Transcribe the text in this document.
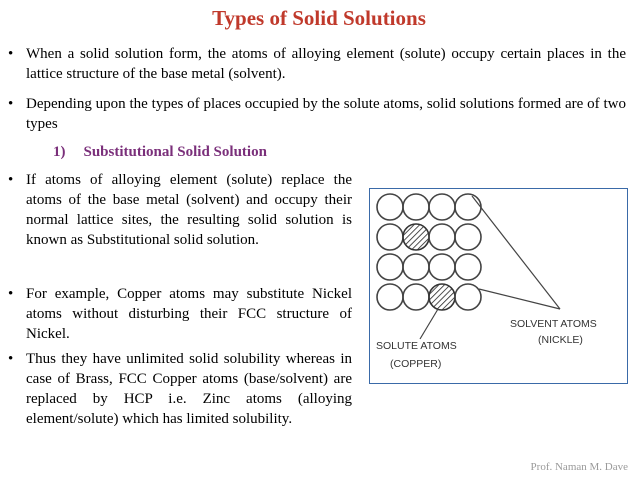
Types of Solid Solutions
• When a solid solution form, the atoms of alloying element (solute) occupy certain places in the lattice structure of the base metal (solvent).
• Depending upon the types of places occupied by the solute atoms, solid solutions formed are of two types
1) Substitutional Solid Solution
• If atoms of alloying element (solute) replace the atoms of the base metal (solvent) and occupy their normal lattice sites, the resulting solid solution is known as Substitutional solid solution.
• For example, Copper atoms may substitute Nickel atoms without disturbing their FCC structure of Nickel.
• Thus they have unlimited solid solubility whereas in case of Brass, FCC Copper atoms (base/solvent) are replaced by HCP i.e. Zinc atoms (alloying element/solute) which has limited solubility.
SOLVENT ATOMS
(NICKLE)
SOLUTE ATOMS
(COPPER)
Prof. Naman M. Dave
